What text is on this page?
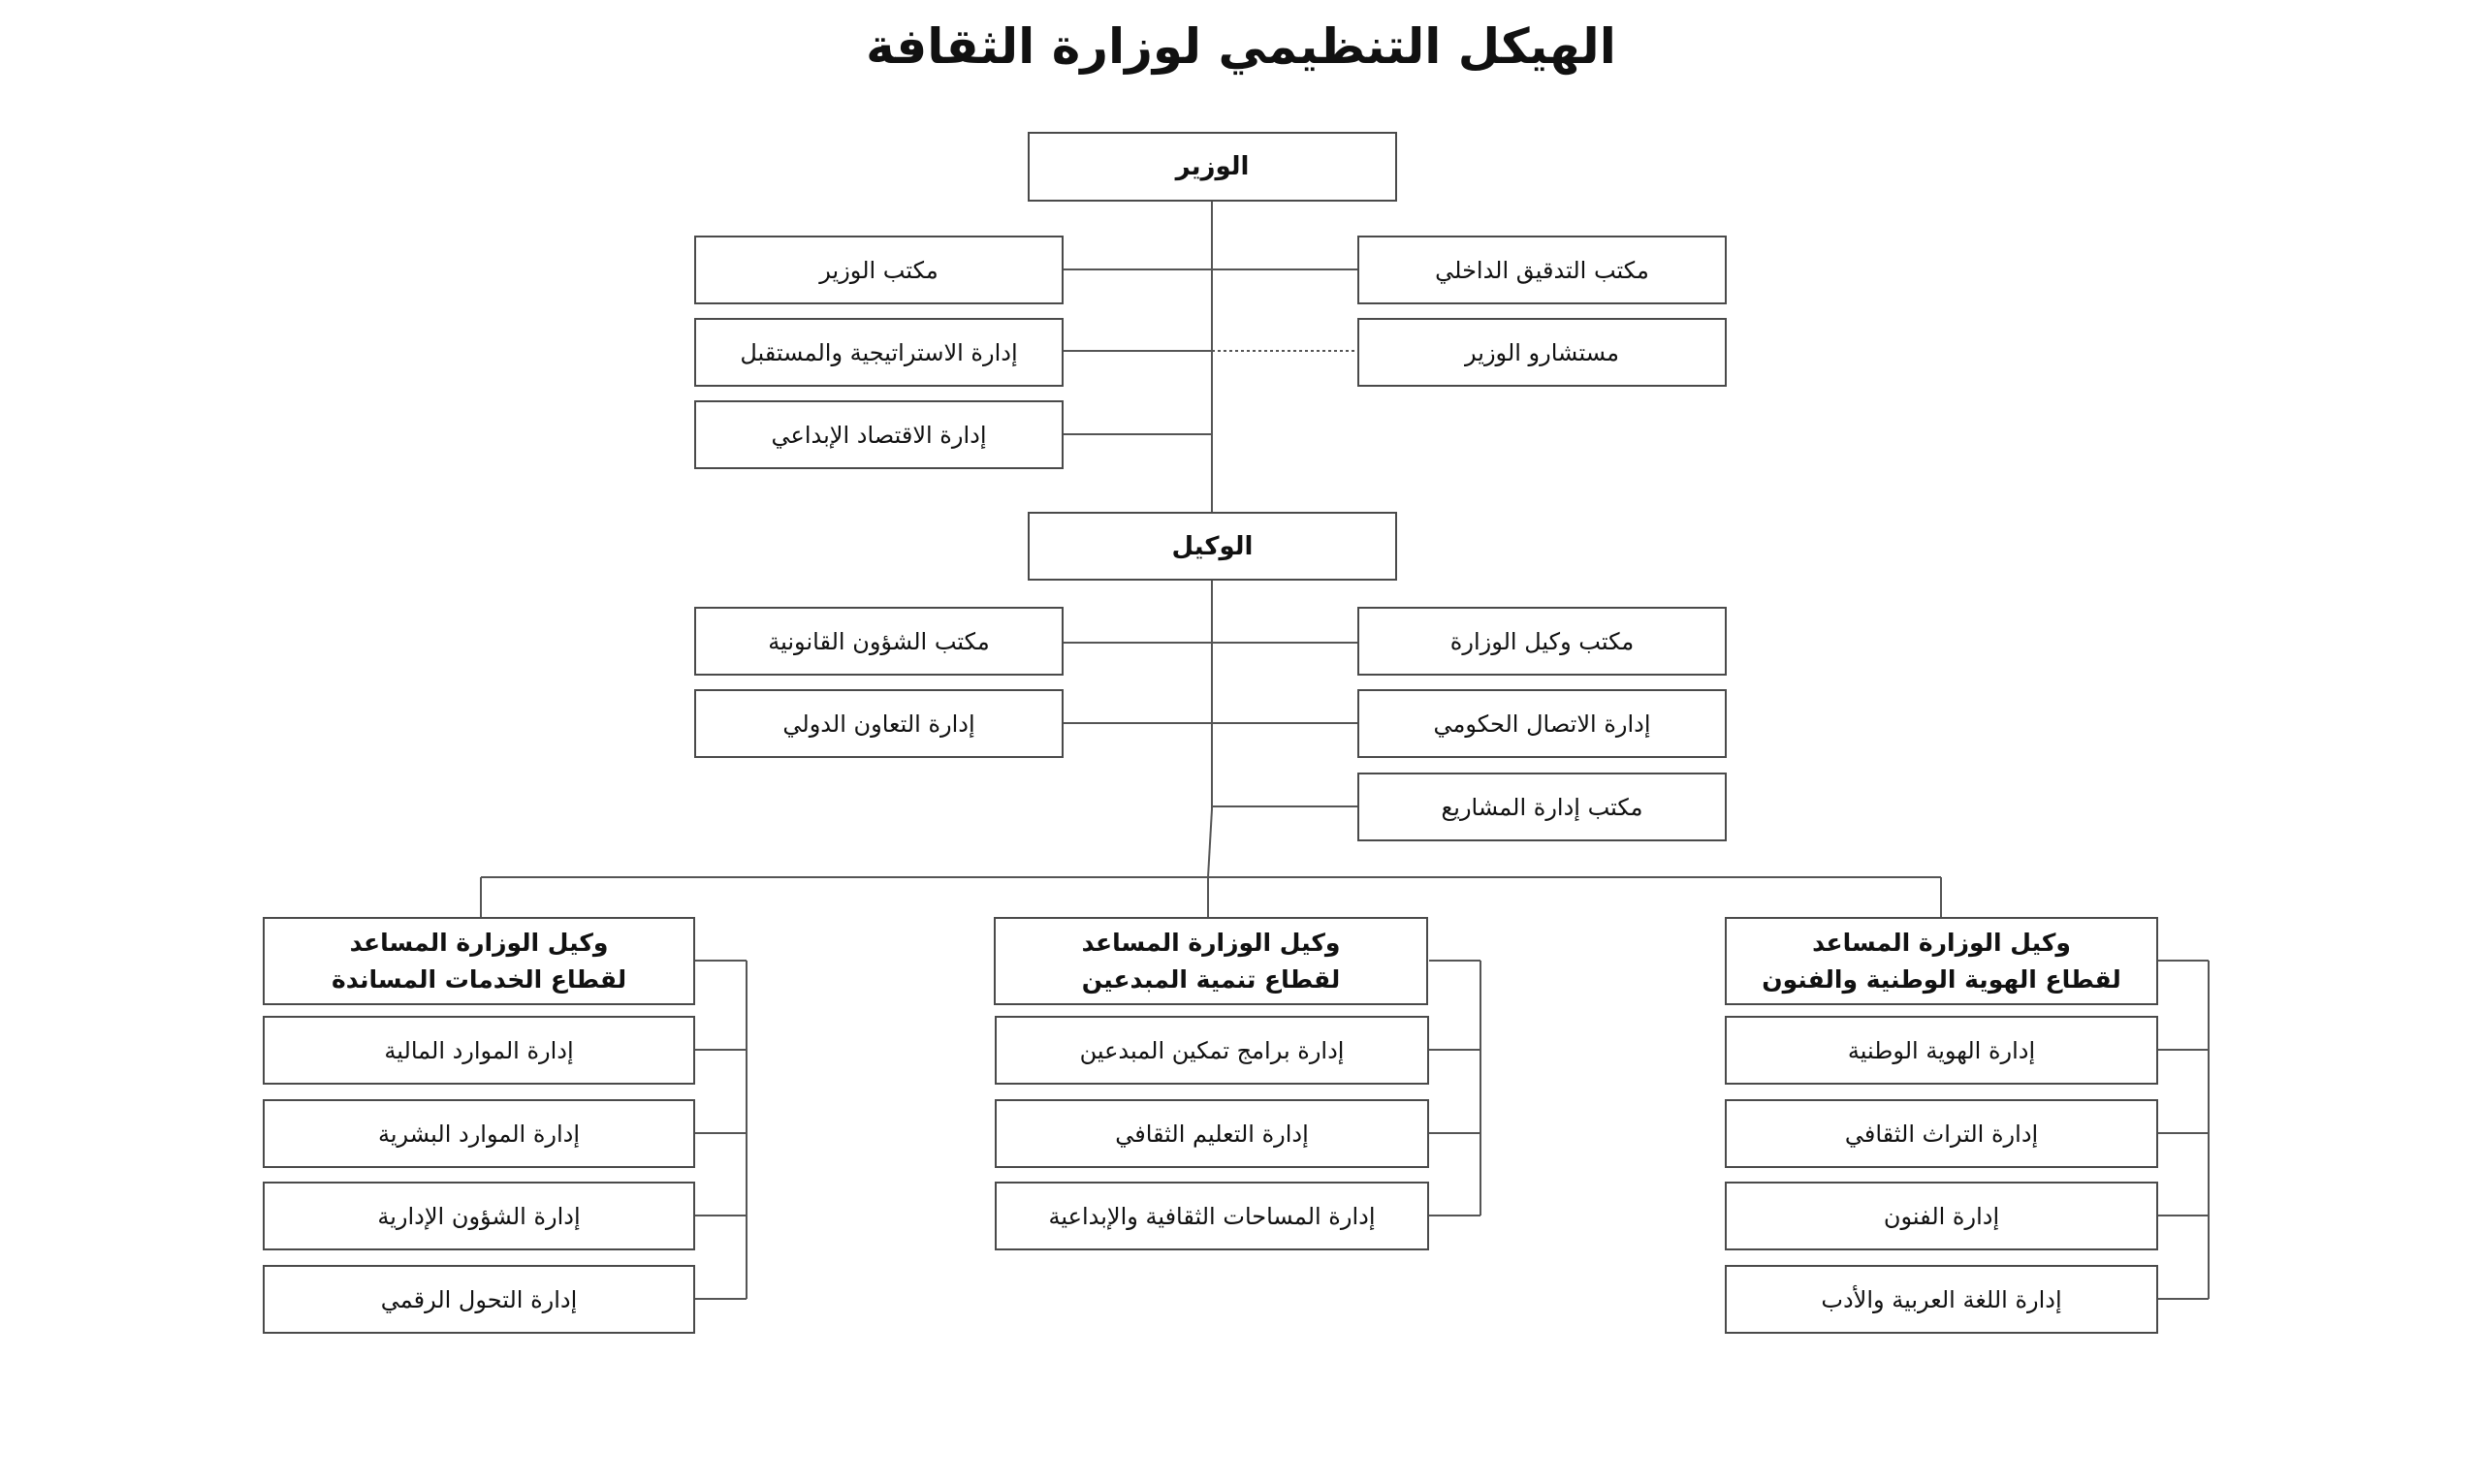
الهيكل التنظيمي لوزارة الثقافة
الوزير
مكتب الوزير
إدارة الاستراتيجية والمستقبل
إدارة الاقتصاد الإبداعي
مكتب التدقيق الداخلي
مستشارو الوزير
الوكيل
مكتب الشؤون القانونية
إدارة التعاون الدولي
مكتب وكيل الوزارة
إدارة الاتصال الحكومي
مكتب إدارة المشاريع
وكيل الوزارة المساعد
لقطاع الخدمات المساندة
إدارة الموارد المالية
إدارة الموارد البشرية
إدارة الشؤون الإدارية
إدارة التحول الرقمي
وكيل الوزارة المساعد
لقطاع تنمية المبدعين
إدارة برامج تمكين المبدعين
إدارة التعليم الثقافي
إدارة المساحات الثقافية والإبداعية
وكيل الوزارة المساعد
لقطاع الهوية الوطنية والفنون
إدارة الهوية الوطنية
إدارة التراث الثقافي
إدارة الفنون
إدارة اللغة العربية والأدب
